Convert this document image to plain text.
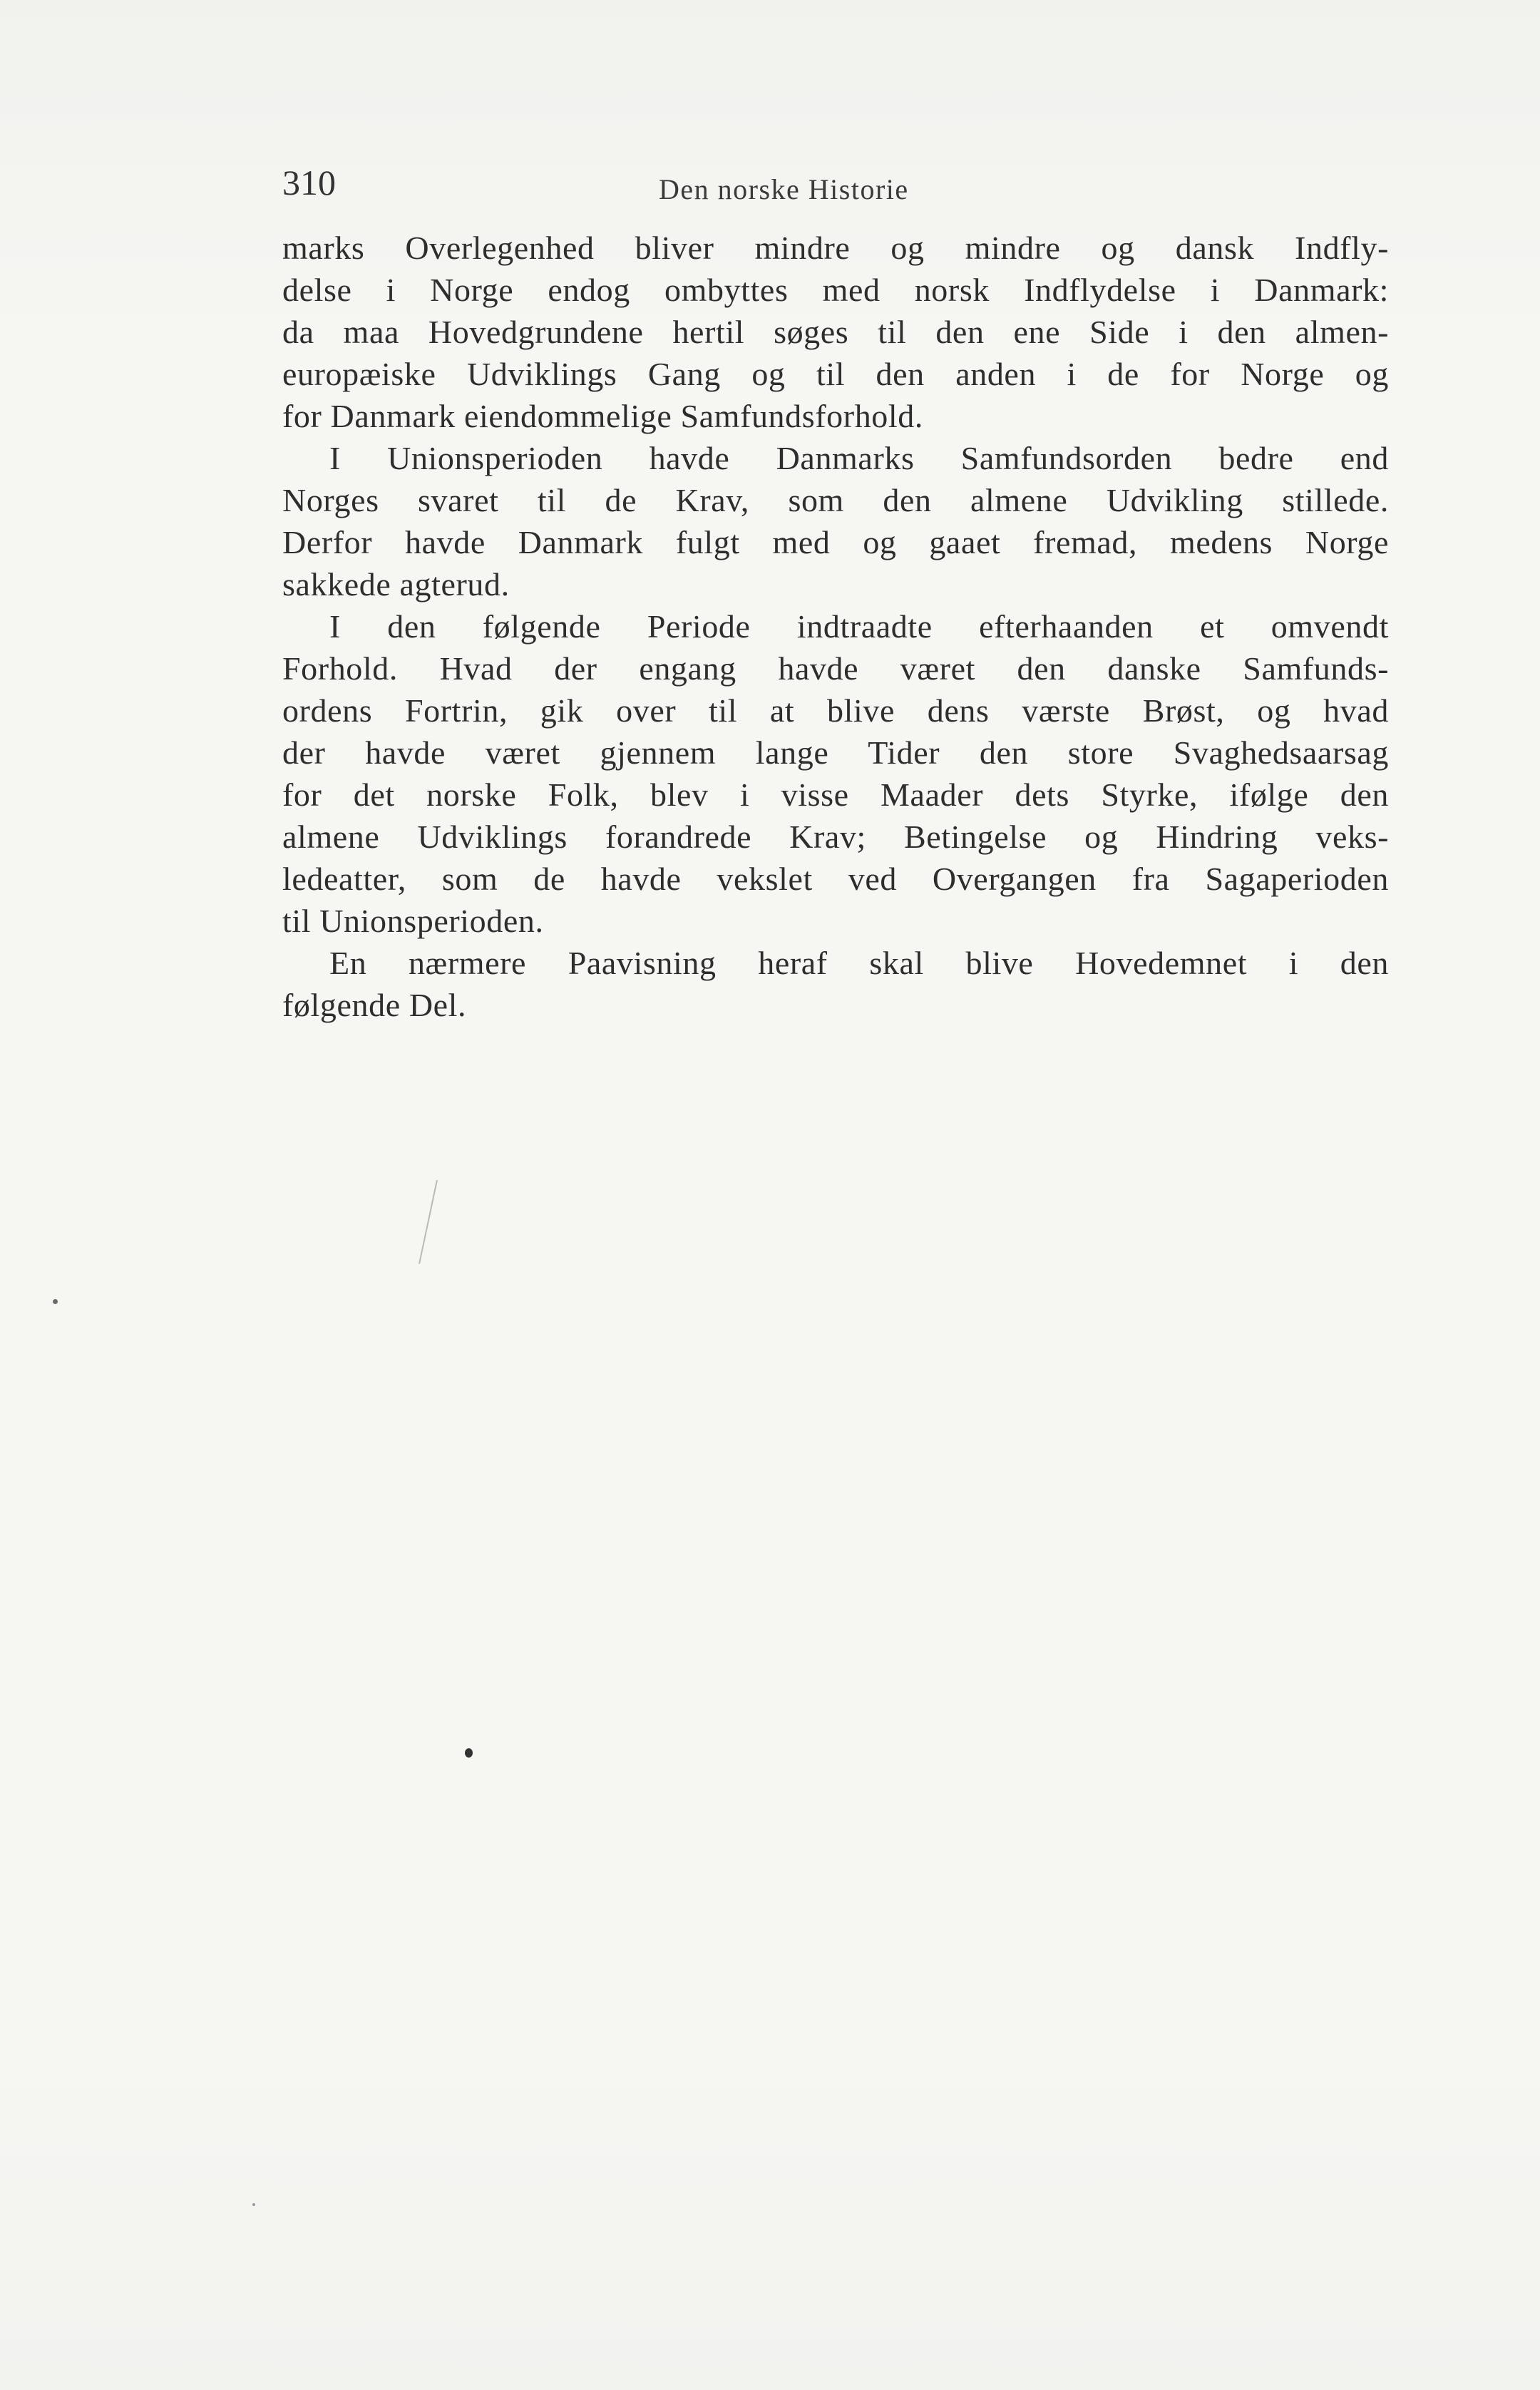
310	Den norske Historie
marks Overlegenhed bliver mindre og mindre og dansk Indfly-
delse i Norge endog ombyttes med norsk Indflydelse i Danmark:
da maa Hovedgrundene hertil søges til den ene Side i den almen-
europæiske Udviklings Gang og til den anden i de for Norge og
for Danmark eiendommelige Samfundsforhold.
I Unionsperioden havde Danmarks Samfundsorden bedre end
Norges svaret til de Krav, som den almene Udvikling stillede.
Derfor havde Danmark fulgt med og gaaet fremad, medens Norge
sakkede agterud.
I den følgende Periode indtraadte efterhaanden et omvendt
Forhold. Hvad der engang havde været den danske Samfunds-
ordens Fortrin, gik over til at blive dens værste Brøst, og hvad
der havde været gjennem lange Tider den store Svaghedsaarsag
for det norske Folk, blev i visse Maader dets Styrke, ifølge den
almene Udviklings forandrede Krav; Betingelse og Hindring veks-
ledeatter, som de havde vekslet ved Overgangen fra Sagaperioden
til Unionsperioden.
En nærmere Paavisning heraf skal blive Hovedemnet i den
følgende Del.
